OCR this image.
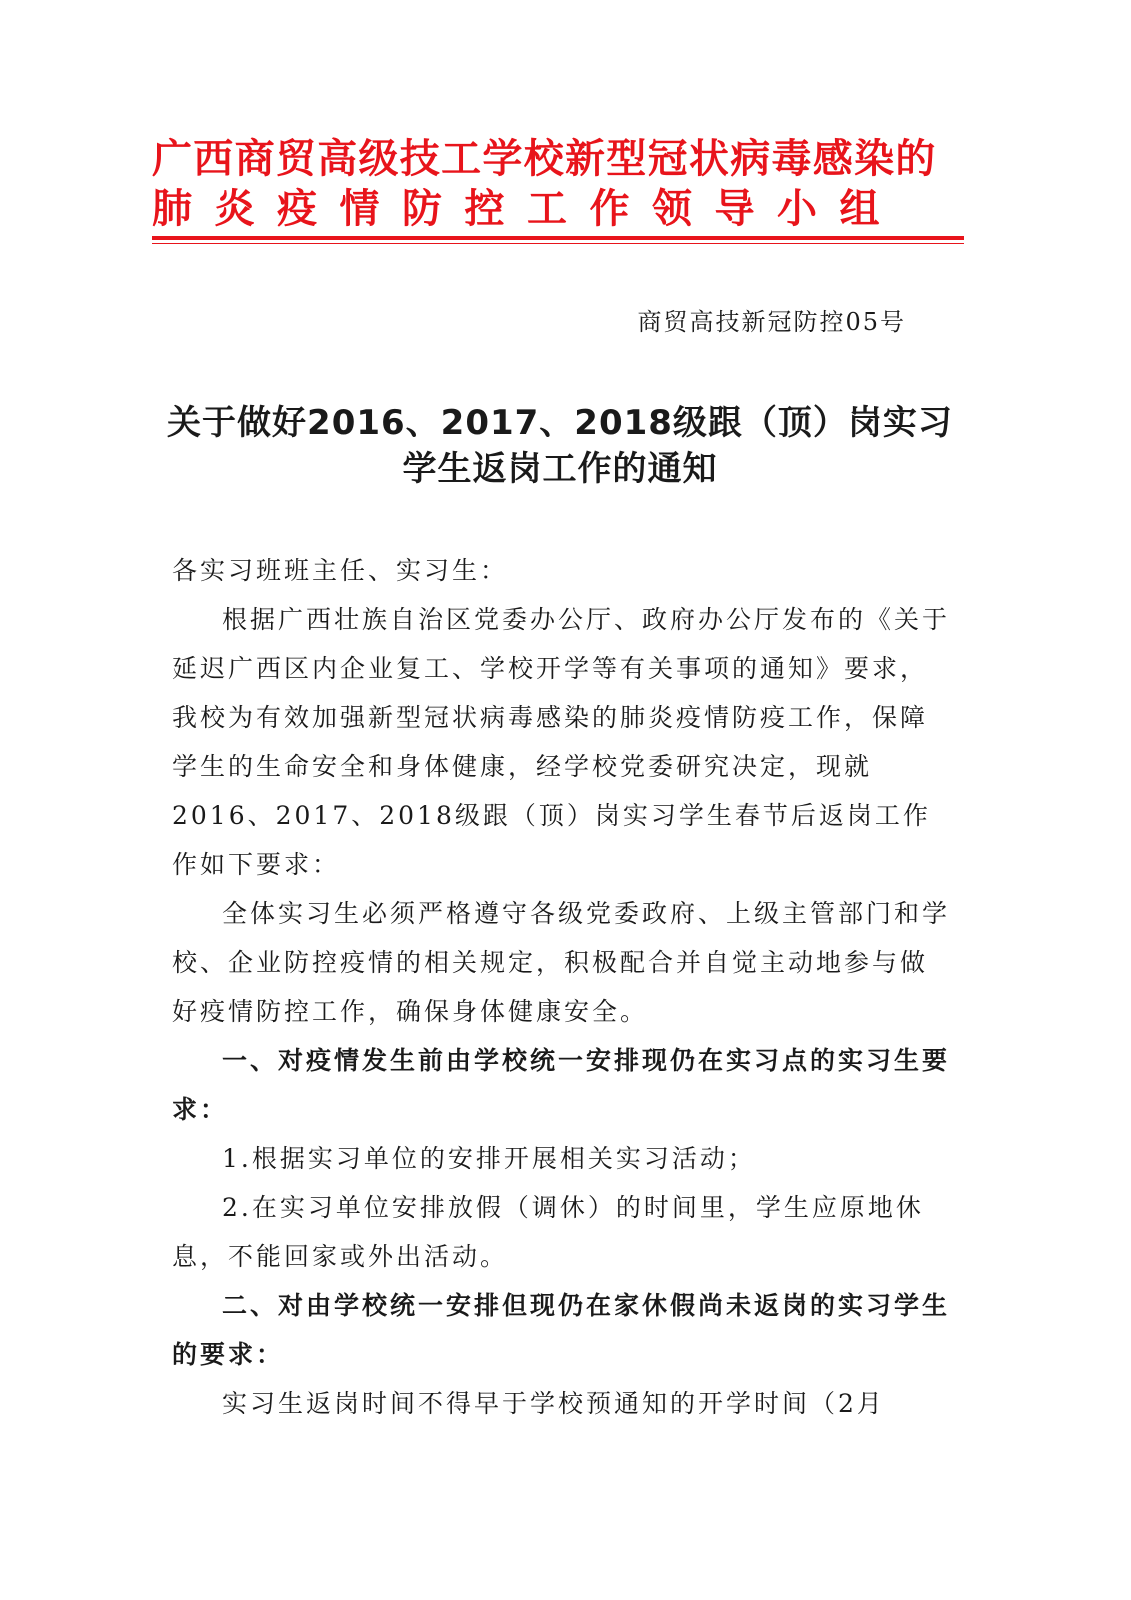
广西商贸高级技工学校新型冠状病毒感染的
肺炎疫情防控工作领导小组
商贸高技新冠防控05号
关于做好2016、2017、2018级跟（顶）岗实习
学生返岗工作的通知

各实习班班主任、实习生：

根据广西壮族自治区党委办公厅、政府办公厅发布的《关于延迟广西区内企业复工、学校开学等有关事项的通知》要求，我校为有效加强新型冠状病毒感染的肺炎疫情防疫工作，保障学生的生命安全和身体健康，经学校党委研究决定，现就2016、2017、2018级跟（顶）岗实习学生春节后返岗工作作如下要求：

全体实习生必须严格遵守各级党委政府、上级主管部门和学校、企业防控疫情的相关规定，积极配合并自觉主动地参与做好疫情防控工作，确保身体健康安全。

一、对疫情发生前由学校统一安排现仍在实习点的实习生要求：

1.根据实习单位的安排开展相关实习活动；

2.在实习单位安排放假（调休）的时间里，学生应原地休息，不能回家或外出活动。

二、对由学校统一安排但现仍在家休假尚未返岗的实习学生的要求：

实习生返岗时间不得早于学校预通知的开学时间（2月
